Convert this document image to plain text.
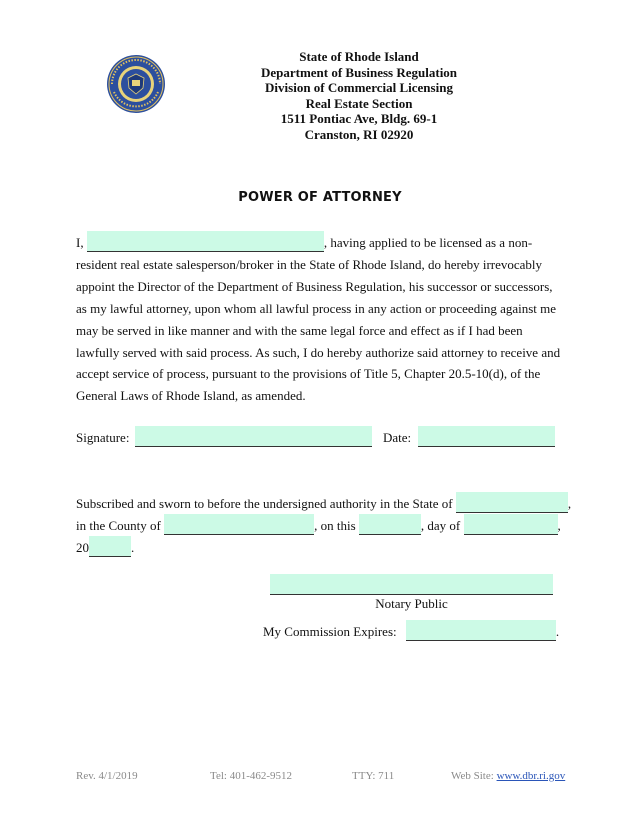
State of Rhode Island
Department of Business Regulation
Division of Commercial Licensing
Real Estate Section
1511 Pontiac Ave, Bldg. 69-1
Cranston, RI 02920
POWER OF ATTORNEY

I,	, having applied to be licensed as a non-resident real estate salesperson/broker in the State of Rhode Island, do hereby irrevocably appoint the Director of the Department of Business Regulation, his successor or successors, as my lawful attorney, upon whom all lawful process in any action or proceeding against me may be served in like manner and with the same legal force and effect as if I had been lawfully served with said process. As such, I do hereby authorize said attorney to receive and accept service of process, pursuant to the provisions of Title 5, Chapter 20.5-10(d), of the General Laws of Rhode Island, as amended.

Signature:	Date:
Subscribed and sworn to before the undersigned authority in the State of	,
in the County of	, on this	, day of	,
20	.
Notary Public
My Commission Expires:	.
Rev. 4/1/2019	Tel: 401-462-9512	TTY: 711	Web Site: www.dbr.ri.gov
